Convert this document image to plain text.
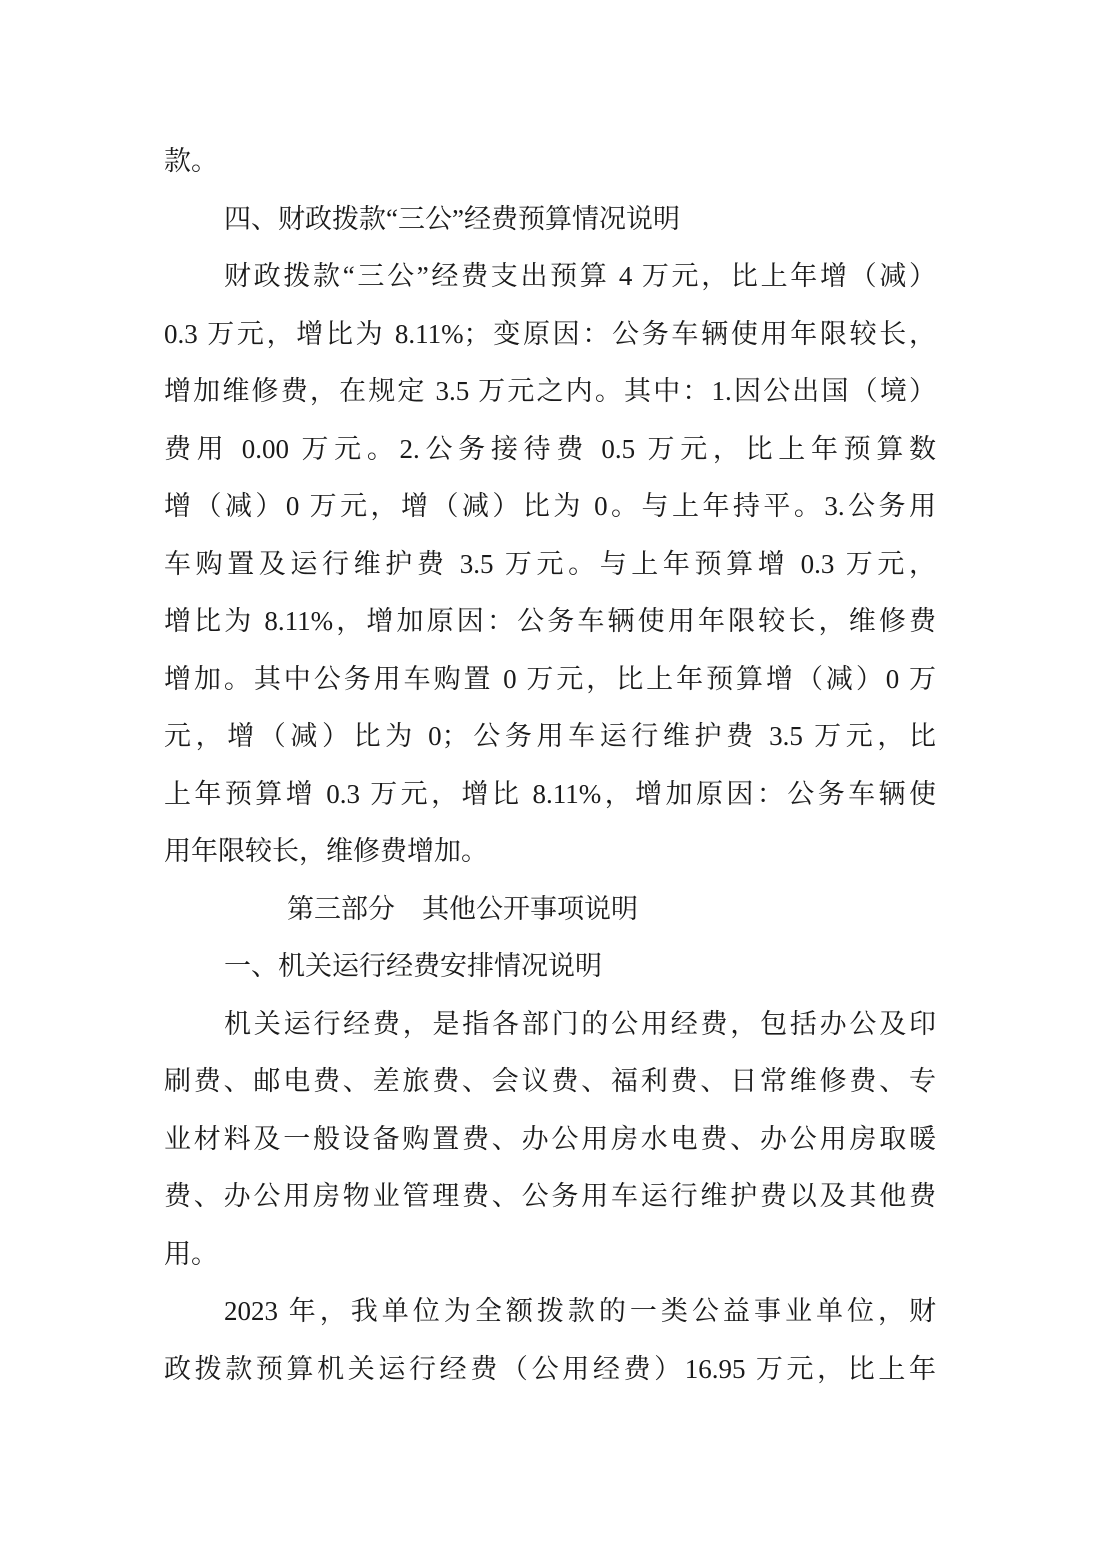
款。
四、财政拨款“三公”经费预算情况说明
财政拨款“三公”经费支出预算 4 万元，比上年增（减）
0.3 万元，增比为 8.11%；变原因：公务车辆使用年限较长，
增加维修费，在规定 3.5 万元之内。其中：1.因公出国（境）
费用 0.00 万元。2.公务接待费 0.5 万元，比上年预算数
增（减）0 万元，增（减）比为 0。与上年持平。3.公务用
车购置及运行维护费 3.5 万元。与上年预算增 0.3 万元，
增比为 8.11%，增加原因：公务车辆使用年限较长，维修费
增加。其中公务用车购置 0 万元，比上年预算增（减）0 万
元，增（减）比为 0；公务用车运行维护费 3.5 万元，比
上年预算增 0.3 万元，增比 8.11%，增加原因：公务车辆使
用年限较长，维修费增加。
第三部分　其他公开事项说明
一、机关运行经费安排情况说明
机关运行经费，是指各部门的公用经费，包括办公及印
刷费、邮电费、差旅费、会议费、福利费、日常维修费、专
业材料及一般设备购置费、办公用房水电费、办公用房取暖
费、办公用房物业管理费、公务用车运行维护费以及其他费
用。
2023 年，我单位为全额拨款的一类公益事业单位，财
政拨款预算机关运行经费（公用经费）16.95 万元，比上年
